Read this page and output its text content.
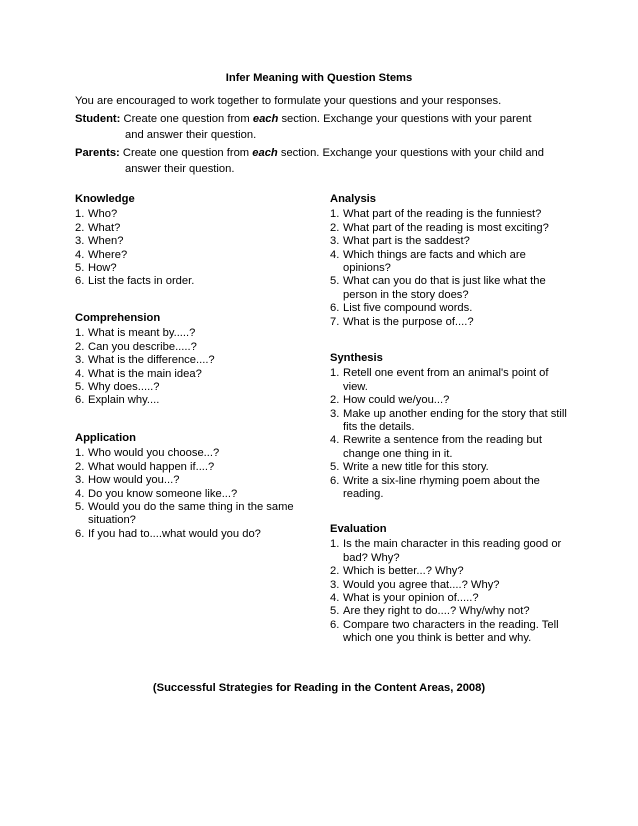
Infer Meaning with Question Stems
You are encouraged to work together to formulate your questions and your responses.
Student: Create one question from each section. Exchange your questions with your parent
and answer their question.
Parents: Create one question from each section. Exchange your questions with your child and
answer their question.
Knowledge
1. Who?
2. What?
3. When?
4. Where?
5. How?
6. List the facts in order.
Comprehension
1. What is meant by.....?
2. Can you describe.....?
3. What is the difference....?
4. What is the main idea?
5. Why does.....?
6. Explain why....
Application
1. Who would you choose...?
2. What would happen if....?
3. How would you...?
4. Do you know someone like...?
5. Would you do the same thing in the same situation?
6. If you had to....what would you do?
Analysis
1. What part of the reading is the funniest?
2. What part of the reading is most exciting?
3. What part is the saddest?
4. Which things are facts and which are opinions?
5. What can you do that is just like what the person in the story does?
6. List five compound words.
7. What is the purpose of....?
Synthesis
1. Retell one event from an animal's point of view.
2. How could we/you...?
3. Make up another ending for the story that still fits the details.
4. Rewrite a sentence from the reading but change one thing in it.
5. Write a new title for this story.
6. Write a six-line rhyming poem about the reading.
Evaluation
1. Is the main character in this reading good or bad? Why?
2. Which is better...? Why?
3. Would you agree that....? Why?
4. What is your opinion of.....?
5. Are they right to do....? Why/why not?
6. Compare two characters in the reading. Tell which one you think is better and why.
(Successful Strategies for Reading in the Content Areas, 2008)
